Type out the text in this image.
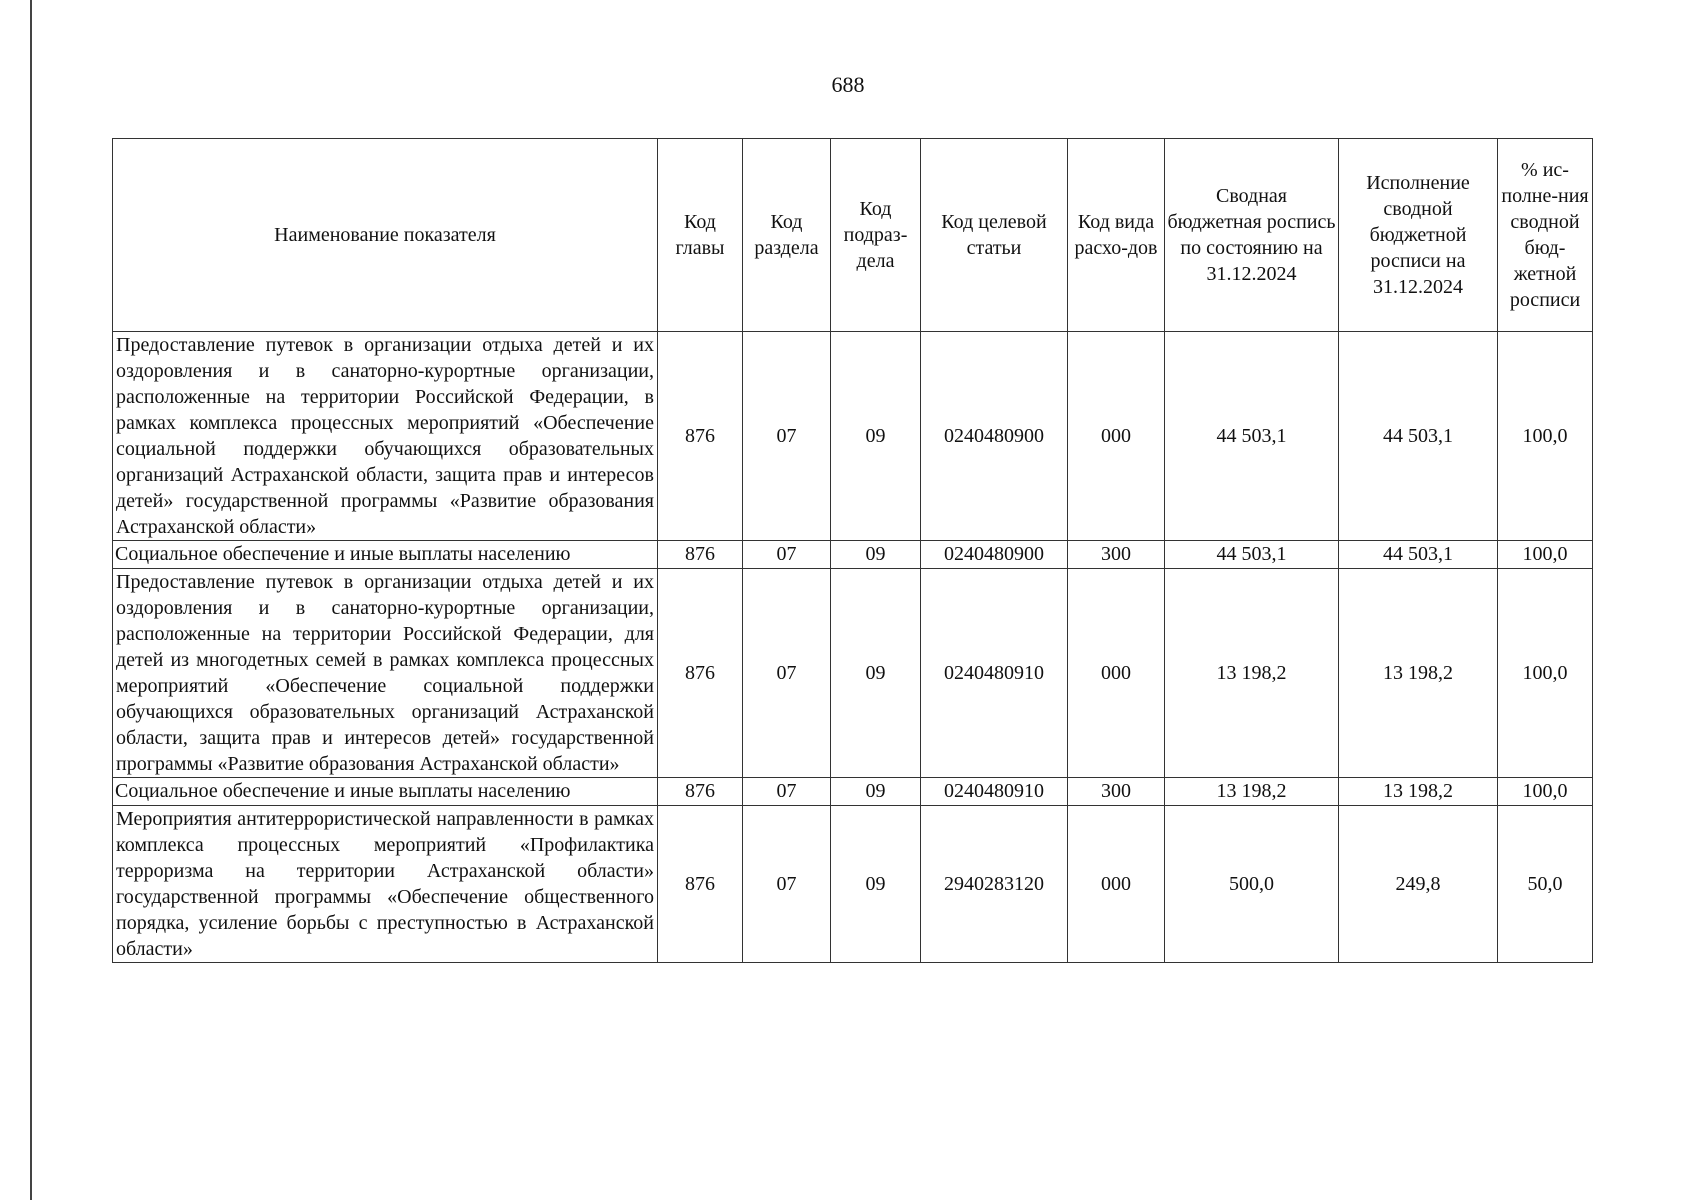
688
Наименование показателя	Код главы	Код раздела	Код подраз-дела	Код целевой статьи	Код вида расхо-дов	Сводная бюджетная роспись по состоянию на 31.12.2024	Исполнение сводной бюджетной росписи на 31.12.2024	% ис-полне-ния сводной бюд-жетной росписи
Предоставление путевок в организации отдыха детей и их оздоровления и в санаторно-курортные организации, расположенные на территории Российской Федерации, в рамках комплекса процессных мероприятий «Обеспечение социальной поддержки обучающихся образовательных организаций Астраханской области, защита прав и интересов детей» государственной программы «Развитие образования Астраханской области»	876	07	09	0240480900	000	44 503,1	44 503,1	100,0
Социальное обеспечение и иные выплаты населению	876	07	09	0240480900	300	44 503,1	44 503,1	100,0
Предоставление путевок в организации отдыха детей и их оздоровления и в санаторно-курортные организации, расположенные на территории Российской Федерации, для детей из многодетных семей в рамках комплекса процессных мероприятий «Обеспечение социальной поддержки обучающихся образовательных организаций Астраханской области, защита прав и интересов детей» государственной программы «Развитие образования Астраханской области»	876	07	09	0240480910	000	13 198,2	13 198,2	100,0
Социальное обеспечение и иные выплаты населению	876	07	09	0240480910	300	13 198,2	13 198,2	100,0
Мероприятия антитеррористической направленности в рамках комплекса процессных мероприятий «Профилактика терроризма на территории Астраханской области» государственной программы «Обеспечение общественного порядка, усиление борьбы с преступностью в Астраханской области»	876	07	09	2940283120	000	500,0	249,8	50,0
